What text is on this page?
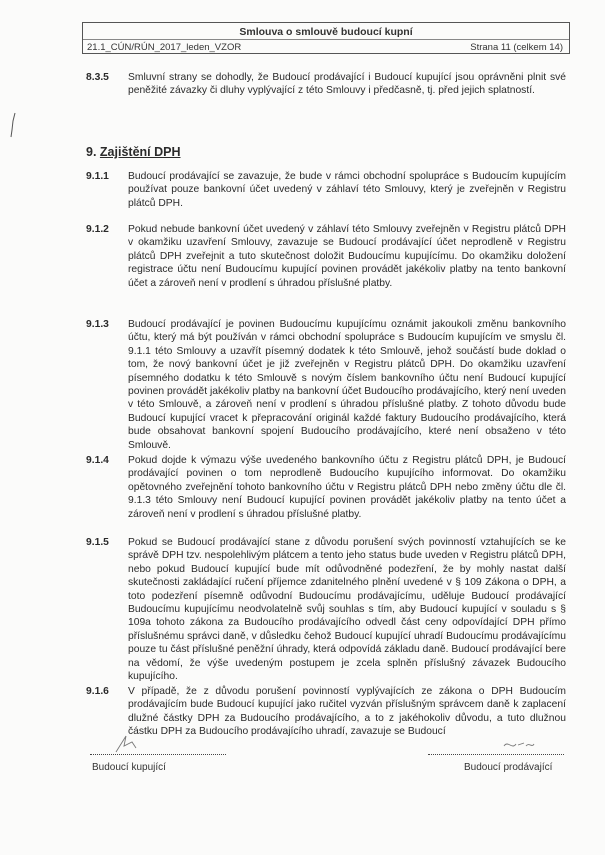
Smlouva o smlouvě budoucí kupní
21.1_CÚN/RÚN_2017_leden_VZOR	Strana 11 (celkem 14)
8.3.5 Smluvní strany se dohodly, že Budoucí prodávající i Budoucí kupující jsou oprávněni plnit své peněžité závazky či dluhy vyplývající z této Smlouvy i předčasně, tj. před jejich splatností.
9. Zajištění DPH
9.1.1 Budoucí prodávající se zavazuje, že bude v rámci obchodní spolupráce s Budoucím kupujícím používat pouze bankovní účet uvedený v záhlaví této Smlouvy, který je zveřejněn v Registru plátců DPH.
9.1.2 Pokud nebude bankovní účet uvedený v záhlaví této Smlouvy zveřejněn v Registru plátců DPH v okamžiku uzavření Smlouvy, zavazuje se Budoucí prodávající účet neprodleně v Registru plátců DPH zveřejnit a tuto skutečnost doložit Budoucímu kupujícímu. Do okamžiku doložení registrace účtu není Budoucímu kupující povinen provádět jakékoliv platby na tento bankovní účet a zároveň není v prodlení s úhradou příslušné platby.
9.1.3 Budoucí prodávající je povinen Budoucímu kupujícímu oznámit jakoukoli změnu bankovního účtu, který má být používán v rámci obchodní spolupráce s Budoucím kupujícím ve smyslu čl. 9.1.1 této Smlouvy a uzavřít písemný dodatek k této Smlouvě, jehož součástí bude doklad o tom, že nový bankovní účet je již zveřejněn v Registru plátců DPH. Do okamžiku uzavření písemného dodatku k této Smlouvě s novým číslem bankovního účtu není Budoucí kupující povinen provádět jakékoliv platby na bankovní účet Budoucího prodávajícího, který není uveden v této Smlouvě, a zároveň není v prodlení s úhradou příslušné platby. Z tohoto důvodu bude Budoucí kupující vracet k přepracování originál každé faktury Budoucího prodávajícího, která bude obsahovat bankovní spojení Budoucího prodávajícího, které není obsaženo v této Smlouvě.
9.1.4 Pokud dojde k výmazu výše uvedeného bankovního účtu z Registru plátců DPH, je Budoucí prodávající povinen o tom neprodleně Budoucího kupujícího informovat. Do okamžiku opětovného zveřejnění tohoto bankovního účtu v Registru plátců DPH nebo změny účtu dle čl. 9.1.3 této Smlouvy není Budoucí kupující povinen provádět jakékoliv platby na tento účet a zároveň není v prodlení s úhradou příslušné platby.
9.1.5 Pokud se Budoucí prodávající stane z důvodu porušení svých povinností vztahujících se ke správě DPH tzv. nespolehlivým plátcem a tento jeho status bude uveden v Registru plátců DPH, nebo pokud Budoucí kupující bude mít odůvodněné podezření, že by mohly nastat další skutečnosti zakládající ručení příjemce zdanitelného plnění uvedené v § 109 Zákona o DPH, a toto podezření písemně odůvodní Budoucímu prodávajícímu, uděluje Budoucí prodávající Budoucímu kupujícímu neodvolatelně svůj souhlas s tím, aby Budoucí kupující v souladu s § 109a tohoto zákona za Budoucího prodávajícího odvedl část ceny odpovídající DPH přímo příslušnému správci daně, v důsledku čehož Budoucí kupující uhradí Budoucímu prodávajícímu pouze tu část příslušné peněžní úhrady, která odpovídá základu daně. Budoucí prodávající bere na vědomí, že výše uvedeným postupem je zcela splněn příslušný závazek Budoucího kupujícího.
9.1.6 V případě, že z důvodu porušení povinností vyplývajících ze zákona o DPH Budoucím prodávajícím bude Budoucí kupující jako ručitel vyzván příslušným správcem daně k zaplacení dlužné částky DPH za Budoucího prodávajícího, a to z jakéhokoliv důvodu, a tuto dlužnou částku DPH za Budoucího prodávajícího uhradí, zavazuje se Budoucí
Budoucí kupující	Budoucí prodávající
